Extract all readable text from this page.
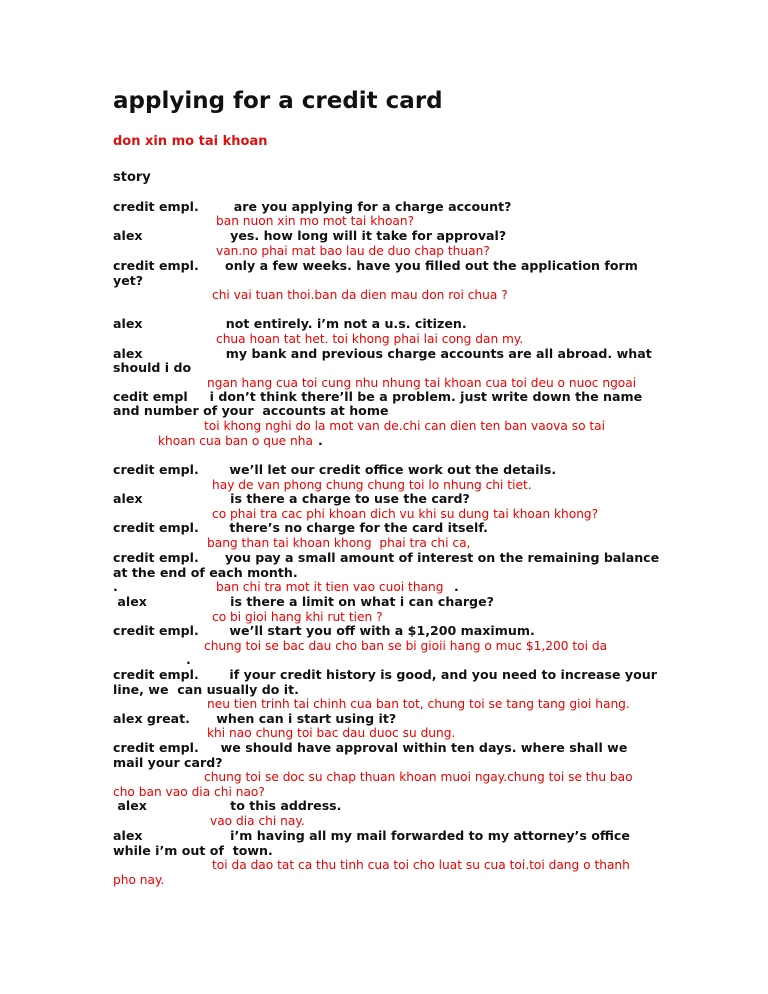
applying for a credit card
don xin mo tai khoan
story
credit empl.        are you applying for a charge account?
ban nuon xin mo mot tai khoan?
alex                    yes. how long will it take for approval?
van.no phai mat bao lau de duo chap thuan?
credit empl.      only a few weeks. have you filled out the application form
yet?
chi vai tuan thoi.ban da dien mau don roi chua ?
alex                   not entirely. i’m not a u.s. citizen.
chua hoan tat het. toi khong phai lai cong dan my.
alex                   my bank and previous charge accounts are all abroad. what
should i do
ngan hang cua toi cung nhu nhung tai khoan cua toi deu o nuoc ngoai
cedit empl     i don’t think there’ll be a problem. just write down the name
and number of your  accounts at home
toi khong nghi do la mot van de.chi can dien ten ban vaova so tai
khoan cua ban o que nha .
credit empl.       we’ll let our credit office work out the details.
hay de van phong chung chung toi lo nhung chi tiet.
alex                    is there a charge to use the card?
co phai tra cac phi khoan dich vu khi su dung tai khoan khong?
credit empl.       there’s no charge for the card itself.
bang than tai khoan khong  phai tra chi ca,
credit empl.      you pay a small amount of interest on the remaining balance
at the end of each month.
.	ban chi tra mot it tien vao cuoi thang .
alex                   is there a limit on what i can charge?
co bi gioi hang khi rut tien ?
credit empl.       we’ll start you off with a $1,200 maximum.
chung toi se bac dau cho ban se bi gioii hang o muc $1,200 toi da
.
credit empl.       if your credit history is good, and you need to increase your
line, we  can usually do it.
neu tien trinh tai chinh cua ban tot, chung toi se tang tang gioi hang.
alex great.      when can i start using it?
khi nao chung toi bac dau duoc su dung.
credit empl.     we should have approval within ten days. where shall we
mail your card?
chung toi se doc su chap thuan khoan muoi ngay.chung toi se thu bao
cho ban vao dia chi nao?
alex                   to this address.
vao dia chi nay.
alex                    i’m having all my mail forwarded to my attorney’s office
while i’m out of  town.
toi da dao tat ca thu tinh cua toi cho luat su cua toi.toi dang o thanh
pho nay.
